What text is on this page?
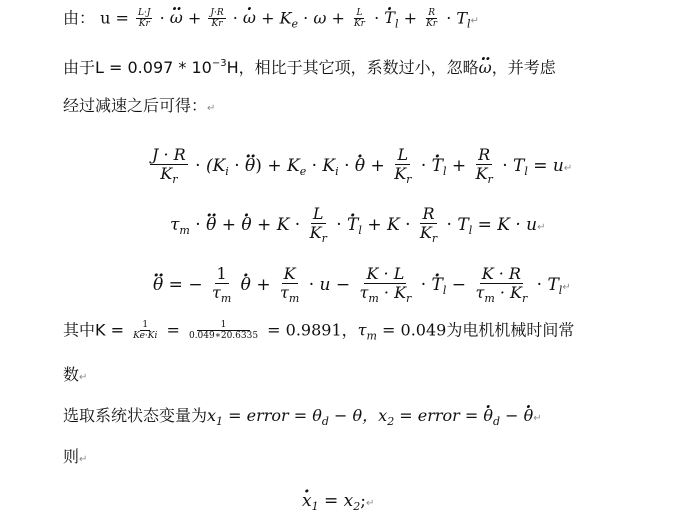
由： $u = \frac{L\cdot J}{Kr} \cdot \omega$ ·· + $\frac{J\cdot R}{Kr} \cdot \omega$ · + $K_e \cdot \omega + \frac{L}{Kr} \cdot T \cdot_l + \frac{R}{Kr}$ · $T_l↵$
由于$L = 0.097 * 10^{-3}H$，相比于其它项，系数过小，忽略ω ··，并考虑
经过减速之后可得：↵
$\frac{J \cdot R}{K_r} \cdot (K_i \cdot \theta$ ··) + $K_e \cdot K_i \cdot \theta$ · + $\frac{L}{K_r} \cdot T \cdot_l + \frac{R}{K_r} \cdot T_l$ = u↵
$\tau_m \cdot \theta$ ·· + θ · + $K \cdot \frac{L}{K_r} \cdot T \cdot_l + K \cdot \frac{R}{K_r} \cdot T_l = K$ · u↵
θ ·· = − $\frac{1}{\tau_m}$ θ · + $\frac{K}{\tau_m} \cdot u - \frac{K \cdot L}{\tau_m \cdot K_r} \cdot T \cdot_l - \frac{K \cdot R}{\tau_m \cdot K_r}$ · $T_l↵$
其中$K = \frac{1}{Ke\cdot Ki} = \frac{1}{0.049∗20.6335} = 0.9891$，$\tau_m = 0.049$为电机机械时间常
数↵
选取系统状态变量为$x_1$ = error = $\theta_d - \theta$，$x_2$ = error = $\theta \cdot_d - \theta$ ·↵
则↵
$x \cdot_1$ = $x_2;↵$
